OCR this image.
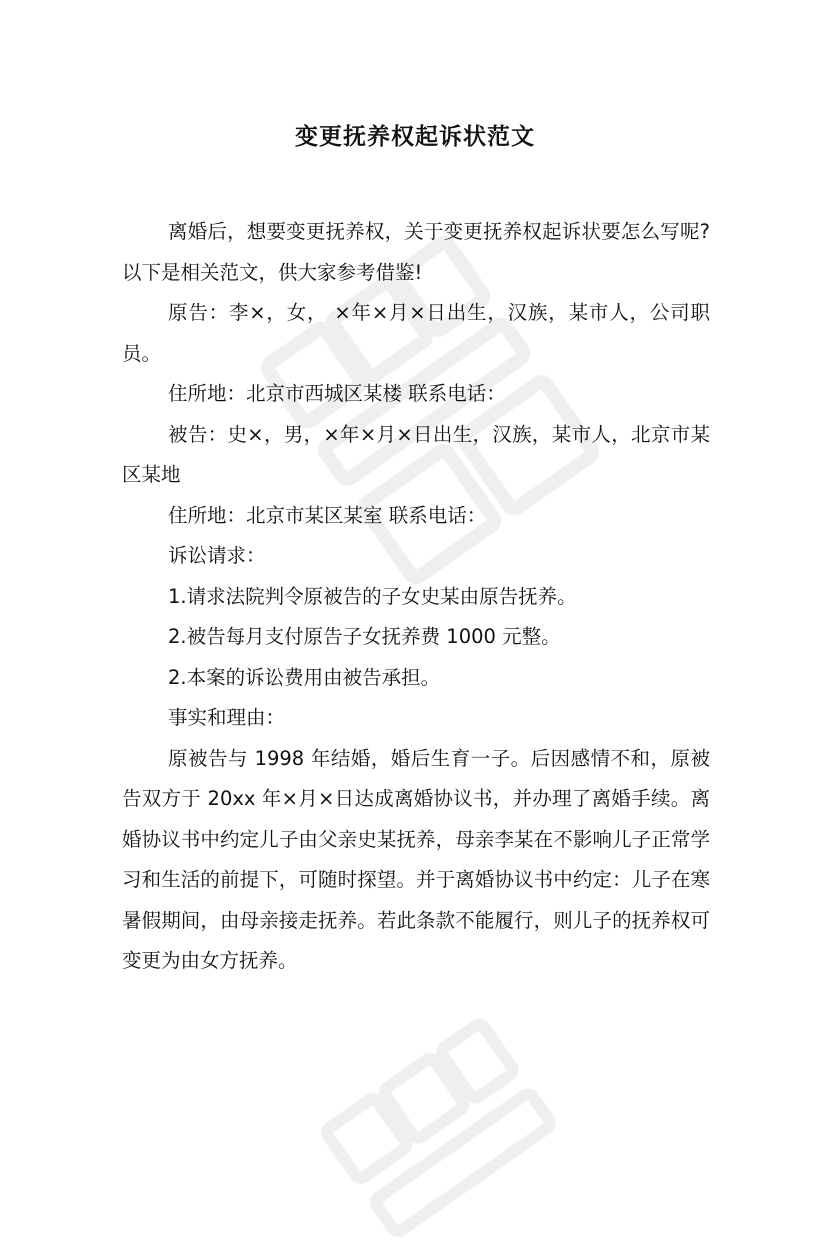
变更抚养权起诉状范文

离婚后，想要变更抚养权，关于变更抚养权起诉状要怎么写呢?以下是相关范文，供大家参考借鉴!

原告：李×，女， ×年×月×日出生，汉族，某市人，公司职员。

住所地：北京市西城区某楼 联系电话：

被告：史×，男，×年×月×日出生，汉族，某市人，北京市某区某地

住所地：北京市某区某室 联系电话：

诉讼请求：

1.请求法院判令原被告的子女史某由原告抚养。

2.被告每月支付原告子女抚养费 1000 元整。

2.本案的诉讼费用由被告承担。

事实和理由：

原被告与 1998 年结婚，婚后生育一子。后因感情不和，原被告双方于 20xx 年×月×日达成离婚协议书，并办理了离婚手续。离婚协议书中约定儿子由父亲史某抚养，母亲李某在不影响儿子正常学习和生活的前提下，可随时探望。并于离婚协议书中约定：儿子在寒暑假期间，由母亲接走抚养。若此条款不能履行，则儿子的抚养权可变更为由女方抚养。
